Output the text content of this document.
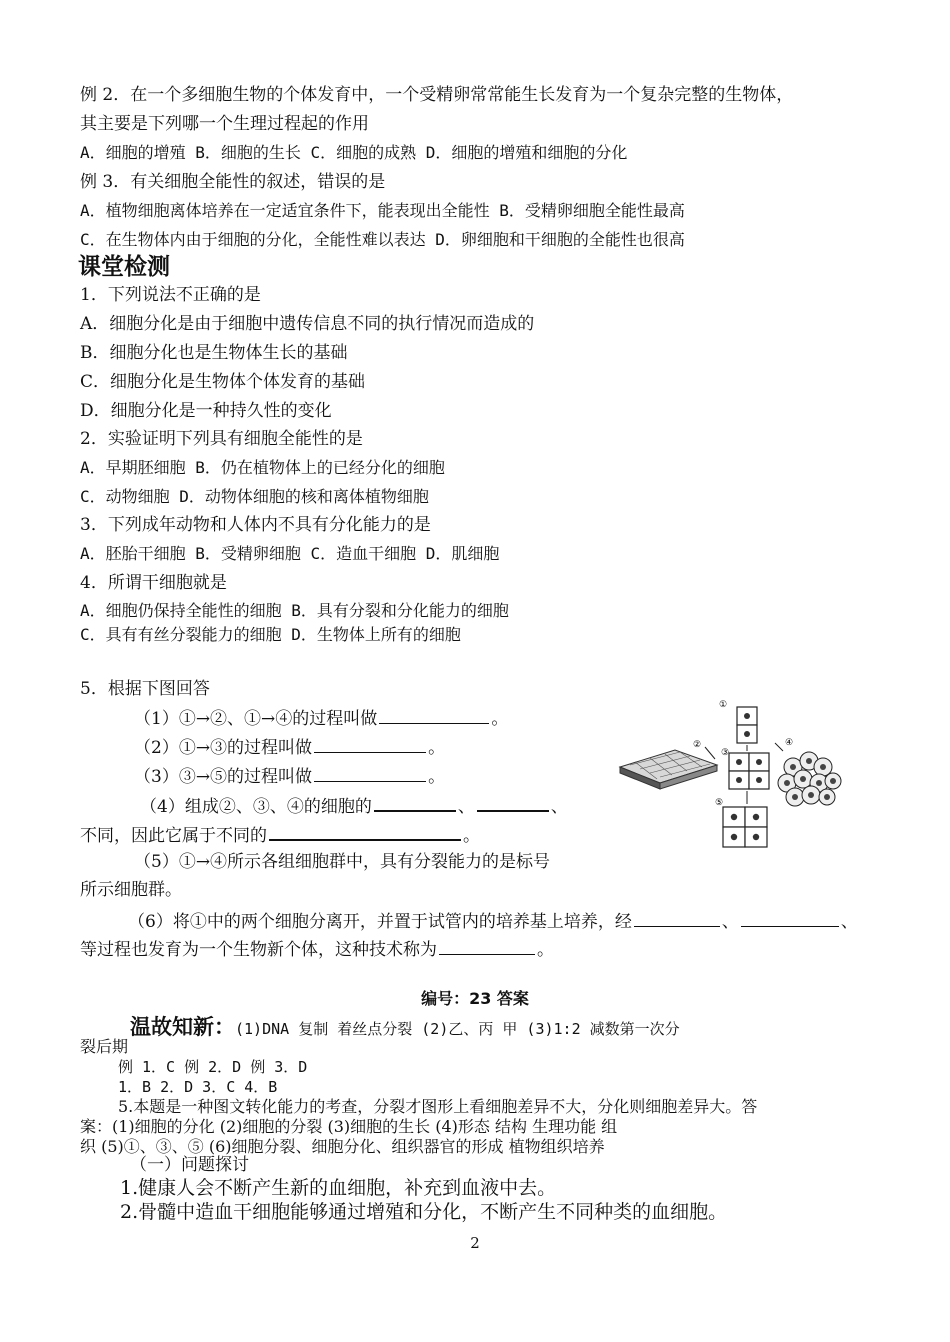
例 2．在一个多细胞生物的个体发育中，一个受精卵常常能生长发育为一个复杂完整的生物体，
其主要是下列哪一个生理过程起的作用
A．细胞的增殖 B．细胞的生长 C．细胞的成熟 D．细胞的增殖和细胞的分化
例 3．有关细胞全能性的叙述，错误的是
A．植物细胞离体培养在一定适宜条件下，能表现出全能性 B．受精卵细胞全能性最高
C．在生物体内由于细胞的分化，全能性难以表达 D．卵细胞和干细胞的全能性也很高
课堂检测
1．下列说法不正确的是
A．细胞分化是由于细胞中遗传信息不同的执行情况而造成的
B．细胞分化也是生物体生长的基础
C．细胞分化是生物体个体发育的基础
D．细胞分化是一种持久性的变化
2．实验证明下列具有细胞全能性的是
A．早期胚细胞 B．仍在植物体上的已经分化的细胞
C．动物细胞 D．动物体细胞的核和离体植物细胞
3．下列成年动物和人体内不具有分化能力的是
A．胚胎干细胞 B．受精卵细胞 C．造血干细胞 D．肌细胞
4．所谓干细胞就是
A．细胞仍保持全能性的细胞 B．具有分裂和分化能力的细胞
C．具有有丝分裂能力的细胞 D．生物体上所有的细胞
5．根据下图回答
（1）①→②、①→④的过程叫做	。
（2）①→③的过程叫做	。
（3）③→⑤的过程叫做	。
（4）组成②、③、④的细胞的	、	、
不同，因此它属于不同的	。
（5）①→④所示各组细胞群中，具有分裂能力的是标号
所示细胞群。
（6）将①中的两个细胞分离开，并置于试管内的培养基上培养，经	、	、
等过程也发育为一个生物新个体，这种技术称为	。
②
①
③
⑤
④
编号：23 答案
温故知新：(1)DNA 复制 着丝点分裂 (2)乙、丙 甲 (3)1:2 减数第一次分
裂后期
例 1．C 例 2．D 例 3．D
1．B 2．D 3．C 4．B
5.本题是一种图文转化能力的考查，分裂才图形上看细胞差异不大，分化则细胞差异大。答
案：(1)细胞的分化 (2)细胞的分裂 (3)细胞的生长 (4)形态 结构 生理功能 组
织 (5)①、③、⑤ (6)细胞分裂、细胞分化、组织器官的形成 植物组织培养
（一）问题探讨
1.健康人会不断产生新的血细胞，补充到血液中去。
2.骨髓中造血干细胞能够通过增殖和分化，不断产生不同种类的血细胞。
2
